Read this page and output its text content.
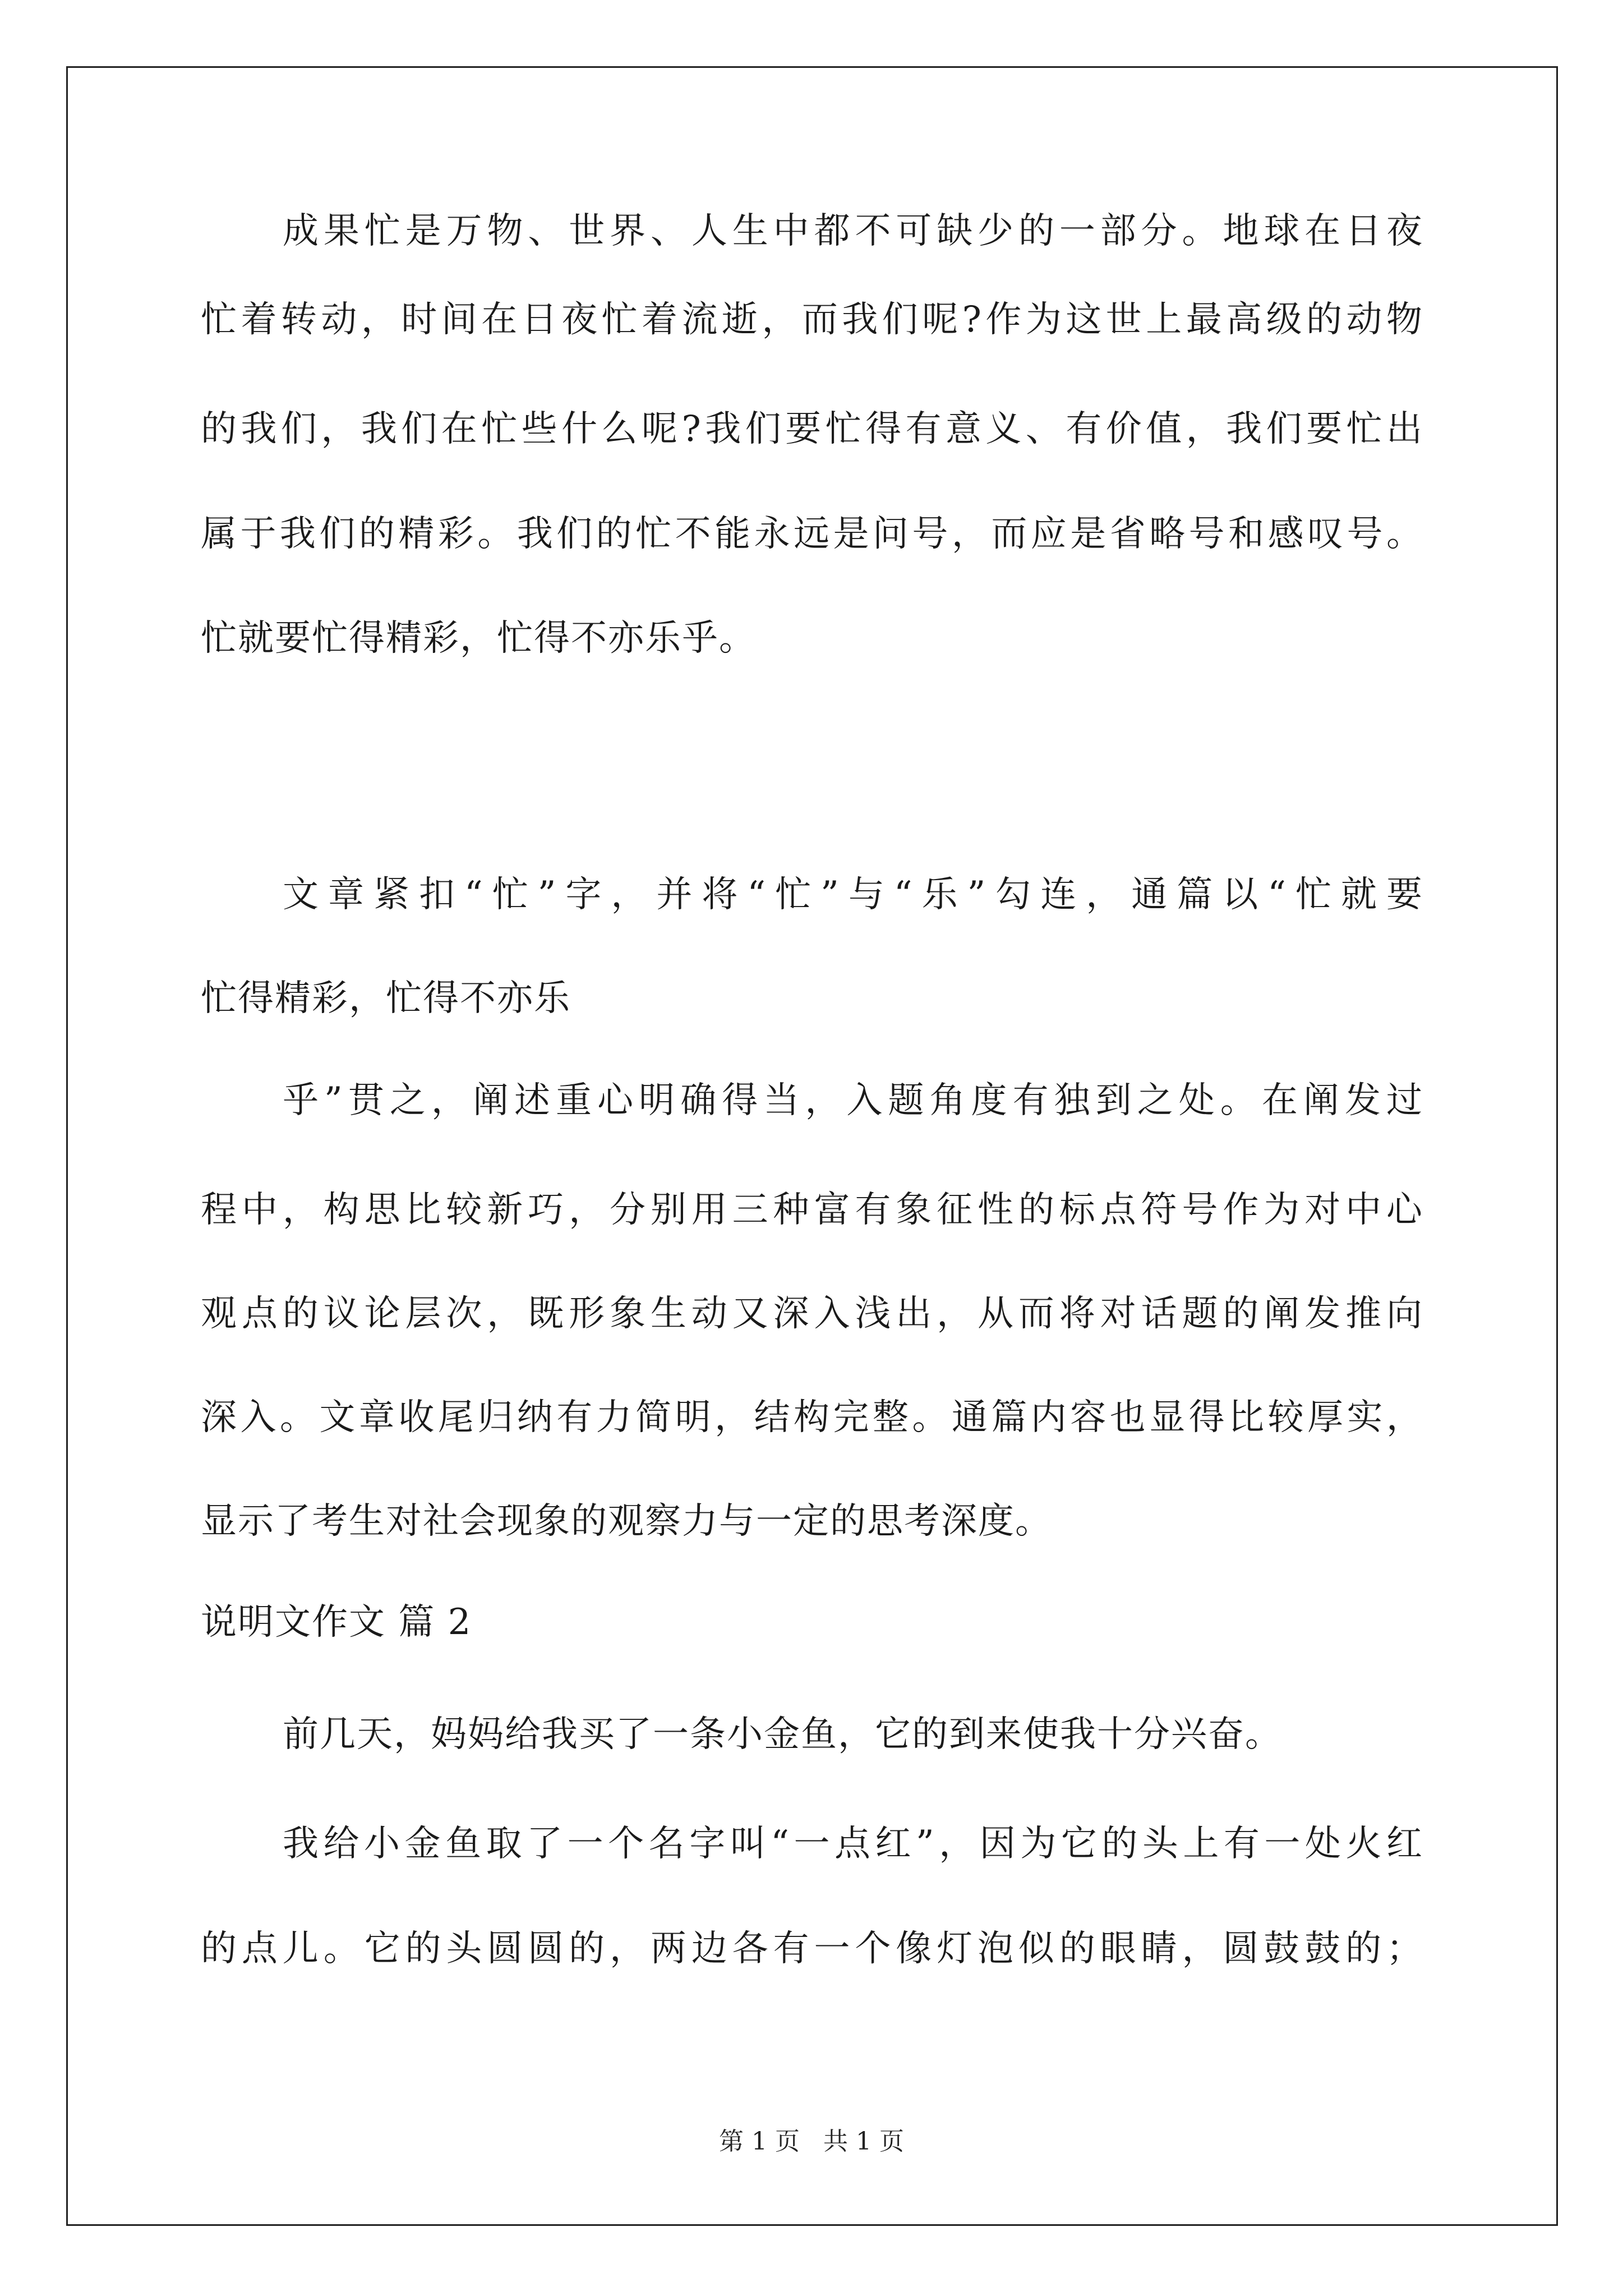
成果忙是万物、世界、人生中都不可缺少的一部分。地球在日夜
忙着转动，时间在日夜忙着流逝，而我们呢?作为这世上最高级的动物
的我们，我们在忙些什么呢?我们要忙得有意义、有价值，我们要忙出
属于我们的精彩。我们的忙不能永远是问号，而应是省略号和感叹号。
忙就要忙得精彩，忙得不亦乐乎。
文章紧扣“忙”字，并将“忙”与“乐”勾连，通篇以“忙就要
忙得精彩，忙得不亦乐
乎”贯之，阐述重心明确得当，入题角度有独到之处。在阐发过
程中，构思比较新巧，分别用三种富有象征性的标点符号作为对中心
观点的议论层次，既形象生动又深入浅出，从而将对话题的阐发推向
深入。文章收尾归纳有力简明，结构完整。通篇内容也显得比较厚实，
显示了考生对社会现象的观察力与一定的思考深度。
说明文作文 篇 2
前几天，妈妈给我买了一条小金鱼，它的到来使我十分兴奋。
我给小金鱼取了一个名字叫“一点红”，因为它的头上有一处火红
的点儿。它的头圆圆的，两边各有一个像灯泡似的眼睛，圆鼓鼓的；
第 1 页   共 1 页
